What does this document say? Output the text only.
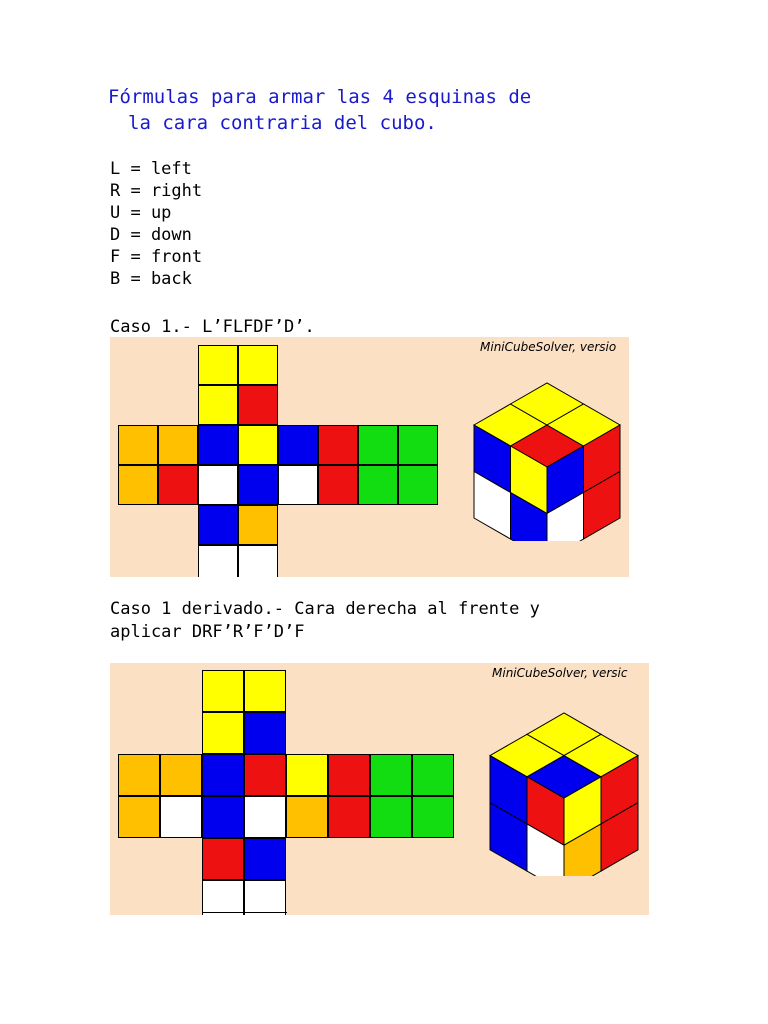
Fórmulas para armar las 4 esquinas de
la cara contraria del cubo.
L = left
R = right
U = up
D = down
F = front
B = back
Caso 1.- L’FLFDF’D’.
MiniCubeSolver, versio
Caso 1 derivado.- Cara derecha al frente y
aplicar DRF’R’F’D’F
MiniCubeSolver, versic
